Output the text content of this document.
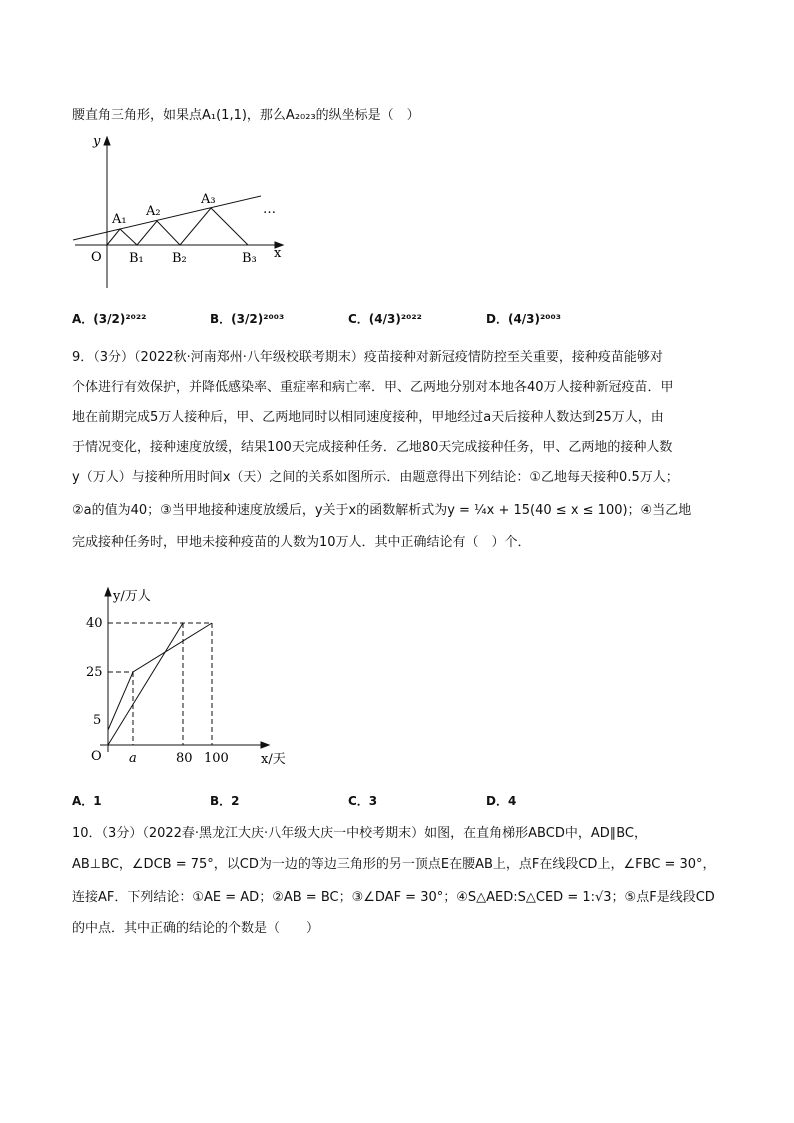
腰直角三角形，如果点A₁(1,1)，那么A₂₀₂₃的纵坐标是（　）
y
x
O
A₁
A₂
A₃
B₁ B₂	B₃
…
A．(3/2)²⁰²²	B．(3/2)²⁰⁰³	C．(4/3)²⁰²²	D．(4/3)²⁰⁰³
9．（3分）（2022秋·河南郑州·八年级校联考期末）疫苗接种对新冠疫情防控至关重要，接种疫苗能够对
个体进行有效保护，并降低感染率、重症率和病亡率．甲、乙两地分别对本地各40万人接种新冠疫苗．甲
地在前期完成5万人接种后，甲、乙两地同时以相同速度接种，甲地经过a天后接种人数达到25万人，由
于情况变化，接种速度放缓，结果100天完成接种任务．乙地80天完成接种任务，甲、乙两地的接种人数
y（万人）与接种所用时间x（天）之间的关系如图所示．由题意得出下列结论：①乙地每天接种0.5万人；
②a的值为40；③当甲地接种速度放缓后，y关于x的函数解析式为y = ¼x + 15(40 ≤ x ≤ 100)；④当乙地
完成接种任务时，甲地未接种疫苗的人数为10万人．其中正确结论有（　）个．
y/万人
x/天
O
40
25
5
a	80 100
A．1	B．2	C．3	D．4
10．（3分）（2022春·黑龙江大庆·八年级大庆一中校考期末）如图，在直角梯形ABCD中，AD∥BC，
AB⊥BC，∠DCB = 75°，以CD为一边的等边三角形的另一顶点E在腰AB上，点F在线段CD上，∠FBC = 30°，
连接AF．下列结论：①AE = AD；②AB = BC；③∠DAF = 30°；④S△AED:S△CED = 1:√3；⑤点F是线段CD
的中点．其中正确的结论的个数是（　　）
